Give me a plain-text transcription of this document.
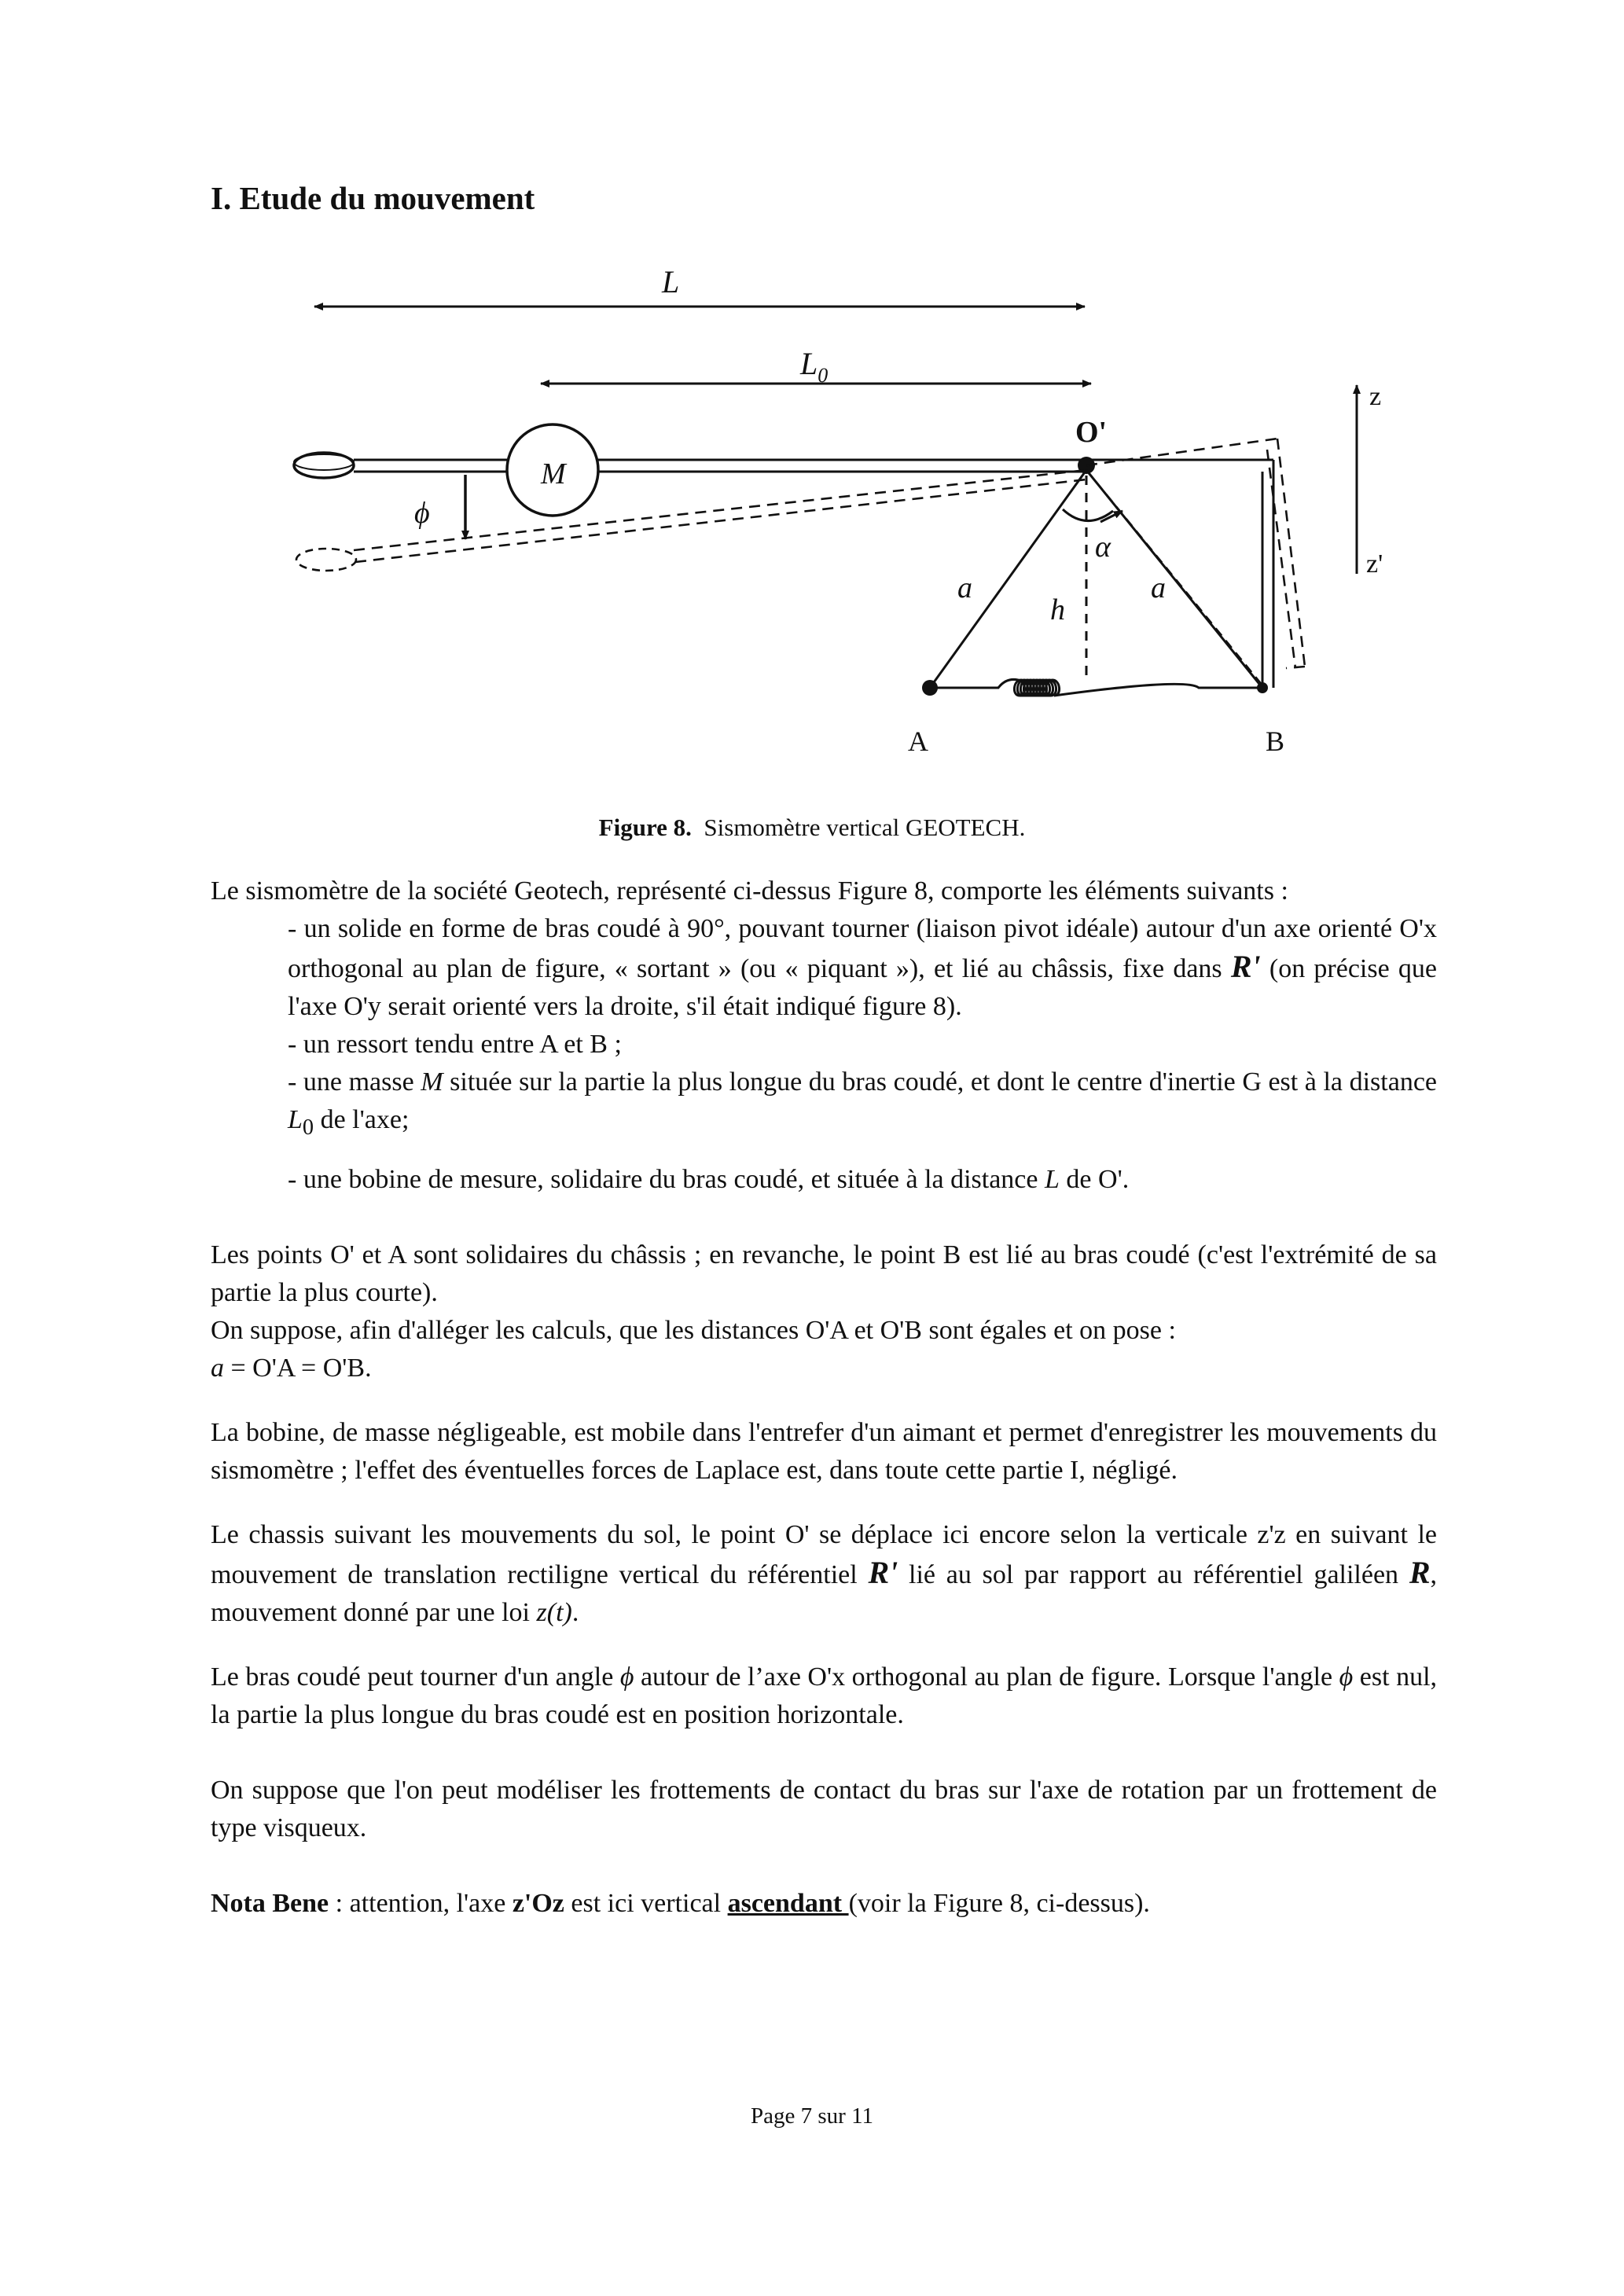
I. Etude du mouvement
L
$L_0$
O'
M
ϕ
h
α
a	a
A	B
z
z'
Figure 8. Sismomètre vertical GEOTECH.

Le sismomètre de la société Geotech, représenté ci-dessus Figure 8, comporte les éléments suivants :

- un solide en forme de bras coudé à 90°, pouvant tourner (liaison pivot idéale) autour d'un axe orienté O'x orthogonal au plan de figure, « sortant » (ou « piquant »), et lié au châssis, fixe dans R' (on précise que l'axe O'y serait orienté vers la droite, s'il était indiqué figure 8).

- un ressort tendu entre A et B ;

- une masse M située sur la partie la plus longue du bras coudé, et dont le centre d'inertie G est à la distance $L_0$ de l'axe;

- une bobine de mesure, solidaire du bras coudé, et située à la distance L de O'.

Les points O' et A sont solidaires du châssis ; en revanche, le point B est lié au bras coudé (c'est l'extrémité de sa partie la plus courte).

On suppose, afin d'alléger les calculs, que les distances O'A et O'B sont égales et on pose :

a = O'A = O'B.

La bobine, de masse négligeable, est mobile dans l'entrefer d'un aimant et permet d'enregistrer les mouvements du sismomètre ; l'effet des éventuelles forces de Laplace est, dans toute cette partie I, négligé.

Le chassis suivant les mouvements du sol, le point O' se déplace ici encore selon la verticale z'z en suivant le mouvement de translation rectiligne vertical du référentiel R' lié au sol par rapport au référentiel galiléen R, mouvement donné par une loi z(t).

Le bras coudé peut tourner d'un angle ϕ autour de l’axe O'x orthogonal au plan de figure. Lorsque l'angle ϕ est nul, la partie la plus longue du bras coudé est en position horizontale.

On suppose que l'on peut modéliser les frottements de contact du bras sur l'axe de rotation par un frottement de type visqueux.

Nota Bene : attention, l'axe z'Oz est ici vertical ascendant (voir la Figure 8, ci-dessus).

Page 7 sur 11
